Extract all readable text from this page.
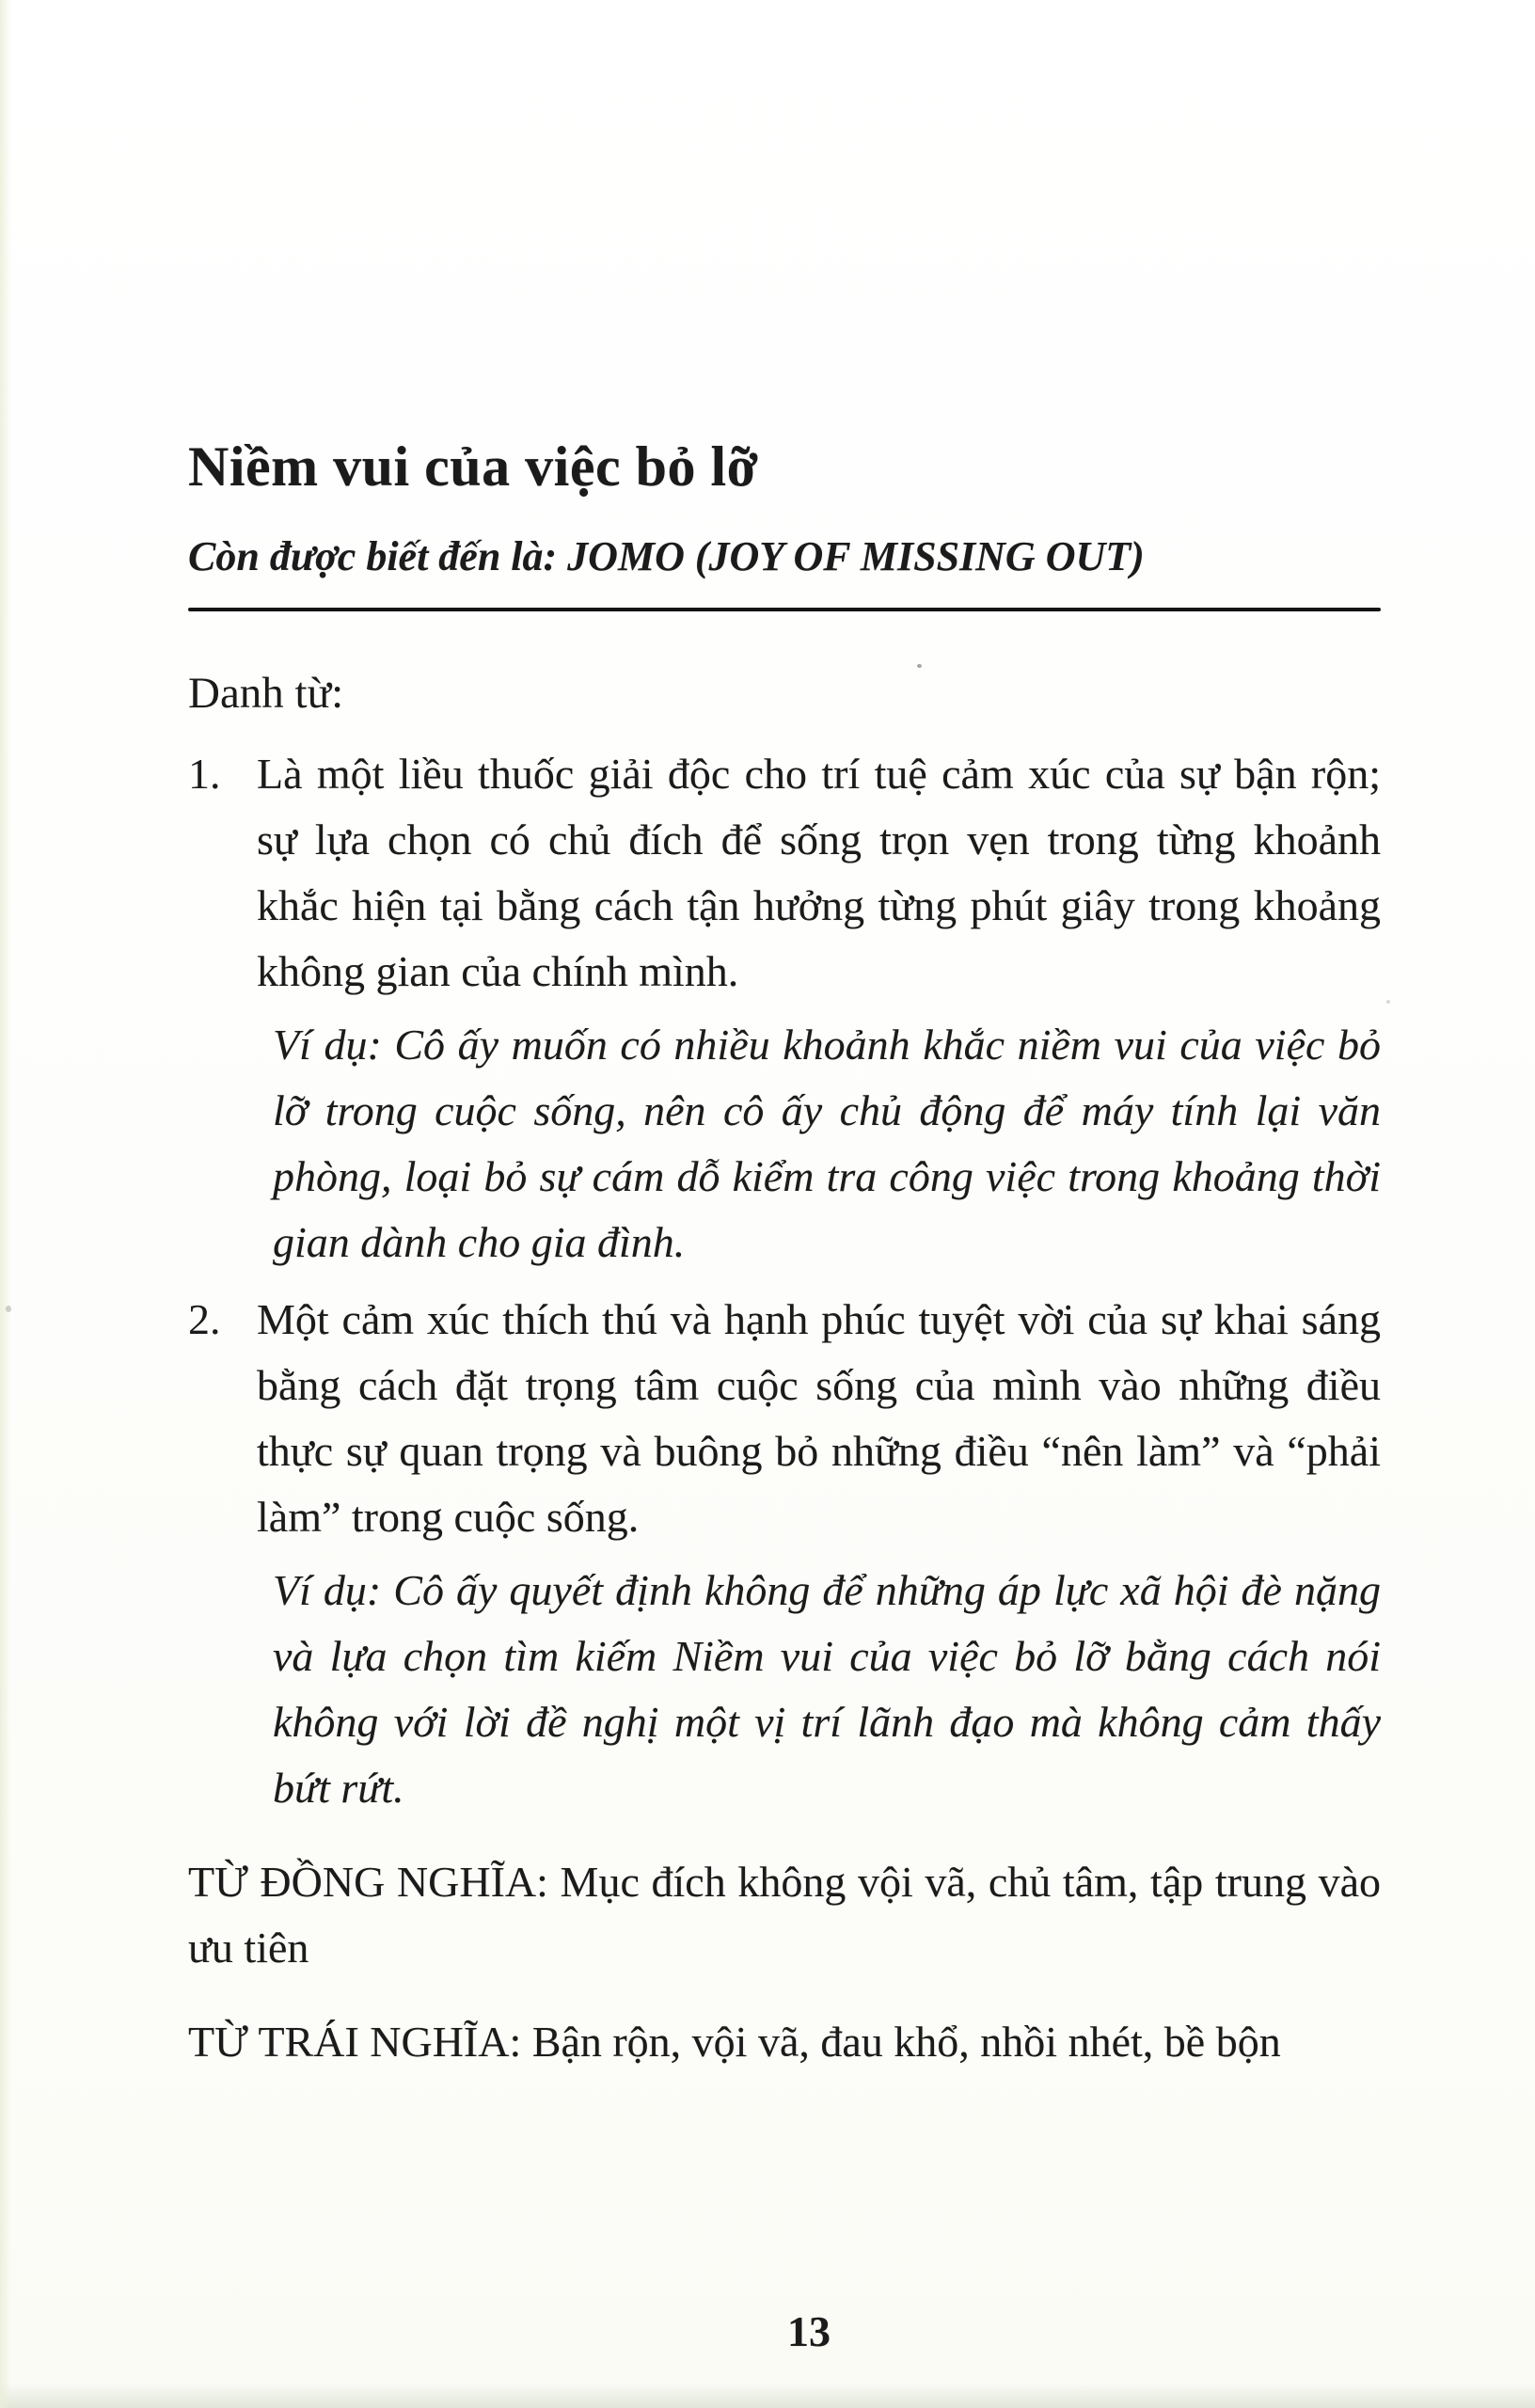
Niềm vui của việc bỏ lỡ

Còn được biết đến là: JOMO (JOY OF MISSING OUT)

Danh từ:

1. Là một liều thuốc giải độc cho trí tuệ cảm xúc của sự bận rộn; sự lựa chọn có chủ đích để sống trọn vẹn trong từng khoảnh khắc hiện tại bằng cách tận hưởng từng phút giây trong khoảng không gian của chính mình.

Ví dụ: Cô ấy muốn có nhiều khoảnh khắc niềm vui của việc bỏ lỡ trong cuộc sống, nên cô ấy chủ động để máy tính lại văn phòng, loại bỏ sự cám dỗ kiểm tra công việc trong khoảng thời gian dành cho gia đình.

2. Một cảm xúc thích thú và hạnh phúc tuyệt vời của sự khai sáng bằng cách đặt trọng tâm cuộc sống của mình vào những điều thực sự quan trọng và buông bỏ những điều “nên làm” và “phải làm” trong cuộc sống.

Ví dụ: Cô ấy quyết định không để những áp lực xã hội đè nặng và lựa chọn tìm kiếm Niềm vui của việc bỏ lỡ bằng cách nói không với lời đề nghị một vị trí lãnh đạo mà không cảm thấy bứt rứt.

TỪ ĐỒNG NGHĨA: Mục đích không vội vã, chủ tâm, tập trung vào ưu tiên

TỪ TRÁI NGHĨA: Bận rộn, vội vã, đau khổ, nhồi nhét, bề bộn

13
